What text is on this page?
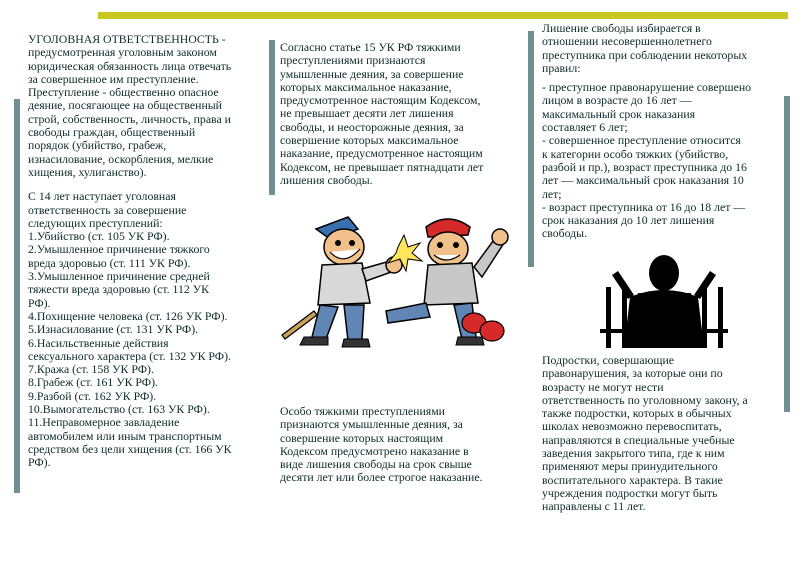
УГОЛОВНАЯ ОТВЕТСТВЕННОСТЬ -

предусмотренная уголовным законом

юридическая обязанность лица отвечать

за совершенное им преступление.

Преступление - общественно опасное

деяние, посягающее на общественный

строй, собственность, личность, права и

свободы граждан, общественный

порядок (убийство, грабеж,

изнасилование, оскорбления, мелкие

хищения, хулиганство).

С 14 лет наступает уголовная

ответственность за совершение

следующих преступлений:

1.Убийство (ст. 105 УК РФ).

2.Умышленное причинение тяжкого

вреда здоровью (ст. 111 УК РФ).

3.Умышленное причинение средней

тяжести вреда здоровью (ст. 112 УК

РФ).

4.Похищение человека (ст. 126 УК РФ).

5.Изнасилование (ст. 131 УК РФ).

6.Насильственные действия

сексуального характера (ст. 132 УК РФ).

7.Кража (ст. 158 УК РФ).

8.Грабеж (ст. 161 УК РФ).

9.Разбой (ст. 162 УК РФ).

10.Вымогательство (ст. 163 УК РФ).

11.Неправомерное завладение

автомобилем или иным транспортным

средством без цели хищения (ст. 166 УК

РФ).

Согласно статье 15 УК РФ тяжкими

преступлениями признаются

умышленные деяния, за совершение

которых максимальное наказание,

предусмотренное настоящим Кодексом,

не превышает десяти лет лишения

свободы, и неосторожные деяния, за

совершение которых максимальное

наказание, предусмотренное настоящим

Кодексом, не превышает пятнадцати лет

лишения свободы.

Особо тяжкими преступлениями

признаются умышленные деяния, за

совершение которых настоящим

Кодексом предусмотрено наказание в

виде лишения свободы на срок свыше

десяти лет или более строгое наказание.

Лишение свободы избирается в

отношении несовершеннолетнего

преступника при соблюдении некоторых

правил:

- преступное правонарушение совершено

лицом в возрасте до 16 лет —

максимальный срок наказания

составляет 6 лет;

- совершенное преступление относится

к категории особо тяжких (убийство,

разбой и пр.), возраст преступника до 16

лет — максимальный срок наказания 10

лет;

- возраст преступника от 16 до 18 лет —

срок наказания до 10 лет лишения

свободы.

Подростки, совершающие

правонарушения, за которые они по

возрасту не могут нести

ответственность по уголовному закону, а

также подростки, которых в обычных

школах невозможно перевоспитать,

направляются в специальные учебные

заведения закрытого типа, где к ним

применяют меры принудительного

воспитательного характера. В такие

учреждения подростки могут быть

направлены с 11 лет.
